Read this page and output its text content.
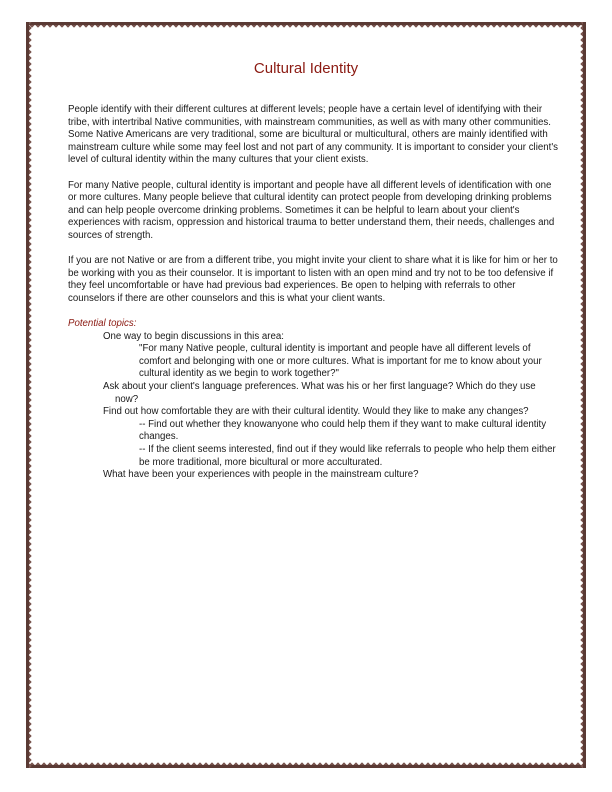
Cultural Identity

People identify with their different cultures at different levels; people have a certain level of identifying with their tribe, with intertribal Native communities, with mainstream communities, as well as with many other communities. Some Native Americans are very traditional, some are bicultural or multicultural, others are mainly identified with mainstream culture while some may feel lost and not part of any community. It is important to consider your client's level of cultural identity within the many cultures that your client exists.

For many Native people, cultural identity is important and people have all different levels of identification with one or more cultures. Many people believe that cultural identity can protect people from developing drinking problems and can help people overcome drinking problems. Sometimes it can be helpful to learn about your client's experiences with racism, oppression and historical trauma to better understand them, their needs, challenges and sources of strength.

If you are not Native or are from a different tribe, you might invite your client to share what it is like for him or her to be working with you as their counselor. It is important to listen with an open mind and try not to be too defensive if they feel uncomfortable or have had previous bad experiences. Be open to helping with referrals to other counselors if there are other counselors and this is what your client wants.

Potential topics:
One way to begin discussions in this area:
"For many Native people, cultural identity is important and people have all different levels of comfort and belonging with one or more cultures. What is important for me to know about your cultural identity as we begin to work together?"
Ask about your client's language preferences. What was his or her first language? Which do they use now?
Find out how comfortable they are with their cultural identity. Would they like to make any changes?
-- Find out whether they knowanyone who could help them if they want to make cultural identity changes.
-- If the client seems interested, find out if they would like referrals to people who help them either be more traditional, more bicultural or more acculturated.
What have been your experiences with people in the mainstream culture?
